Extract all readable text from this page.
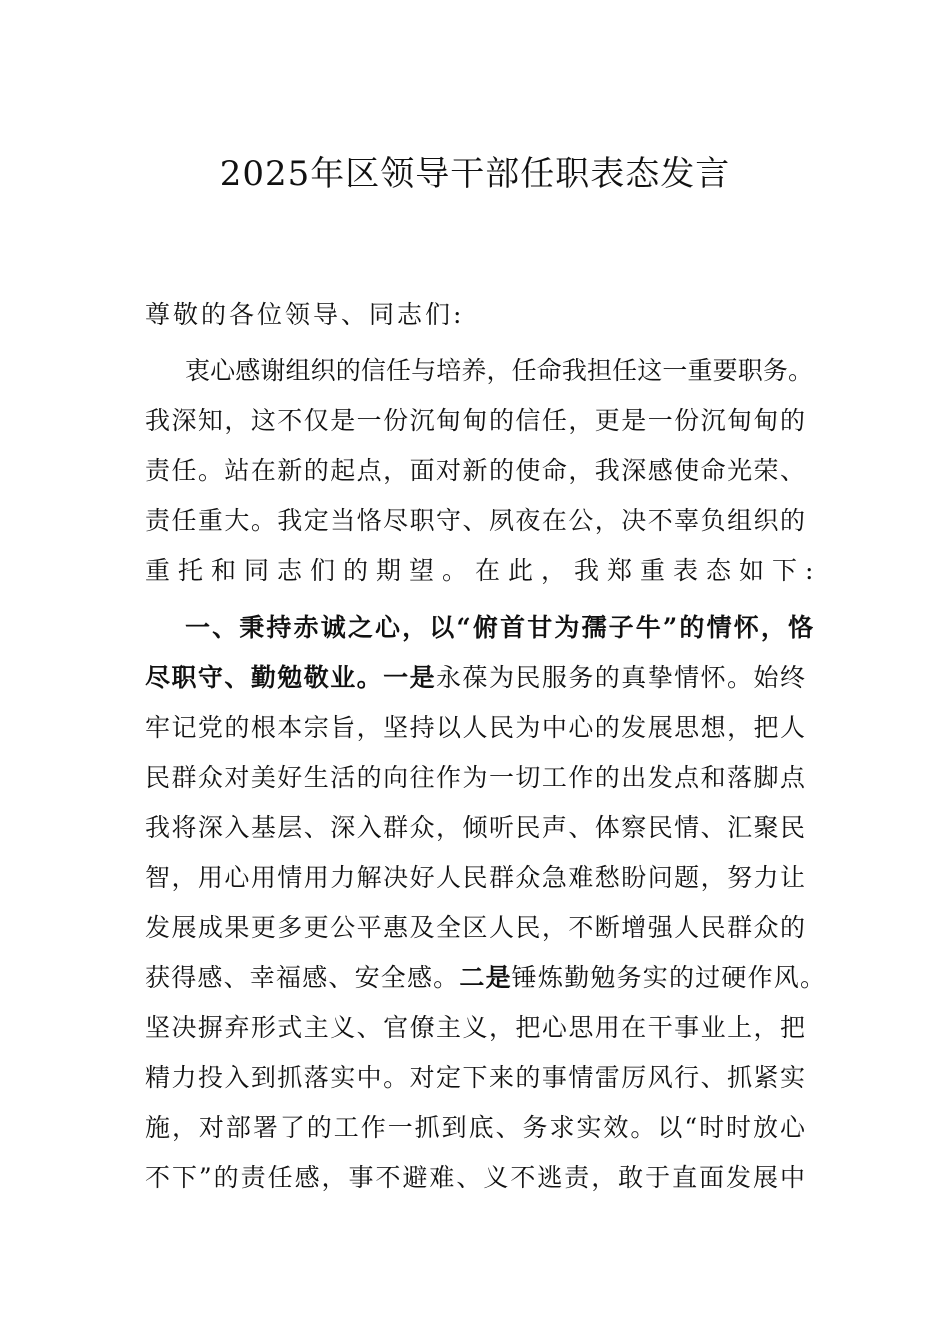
2025年区领导干部任职表态发言
尊敬的各位领导、同志们:
衷心感谢组织的信任与培养，任命我担任这一重要职务。
我深知，这不仅是一份沉甸甸的信任，更是一份沉甸甸的
责任。站在新的起点，面对新的使命，我深感使命光荣、
责任重大。我定当恪尽职守、夙夜在公，决不辜负组织的
重托和同志们的期望。在此，我郑重表态如下:
一、秉持赤诚之心，以“俯首甘为孺子牛”的情怀，恪
尽职守、勤勉敬业。一是永葆为民服务的真挚情怀。始终
牢记党的根本宗旨，坚持以人民为中心的发展思想，把人
民群众对美好生活的向往作为一切工作的出发点和落脚点
我将深入基层、深入群众，倾听民声、体察民情、汇聚民
智，用心用情用力解决好人民群众急难愁盼问题，努力让
发展成果更多更公平惠及全区人民，不断增强人民群众的
获得感、幸福感、安全感。二是锤炼勤勉务实的过硬作风。
坚决摒弃形式主义、官僚主义，把心思用在干事业上，把
精力投入到抓落实中。对定下来的事情雷厉风行、抓紧实
施，对部署了的工作一抓到底、务求实效。以“时时放心
不下”的责任感，事不避难、义不逃责，敢于直面发展中
